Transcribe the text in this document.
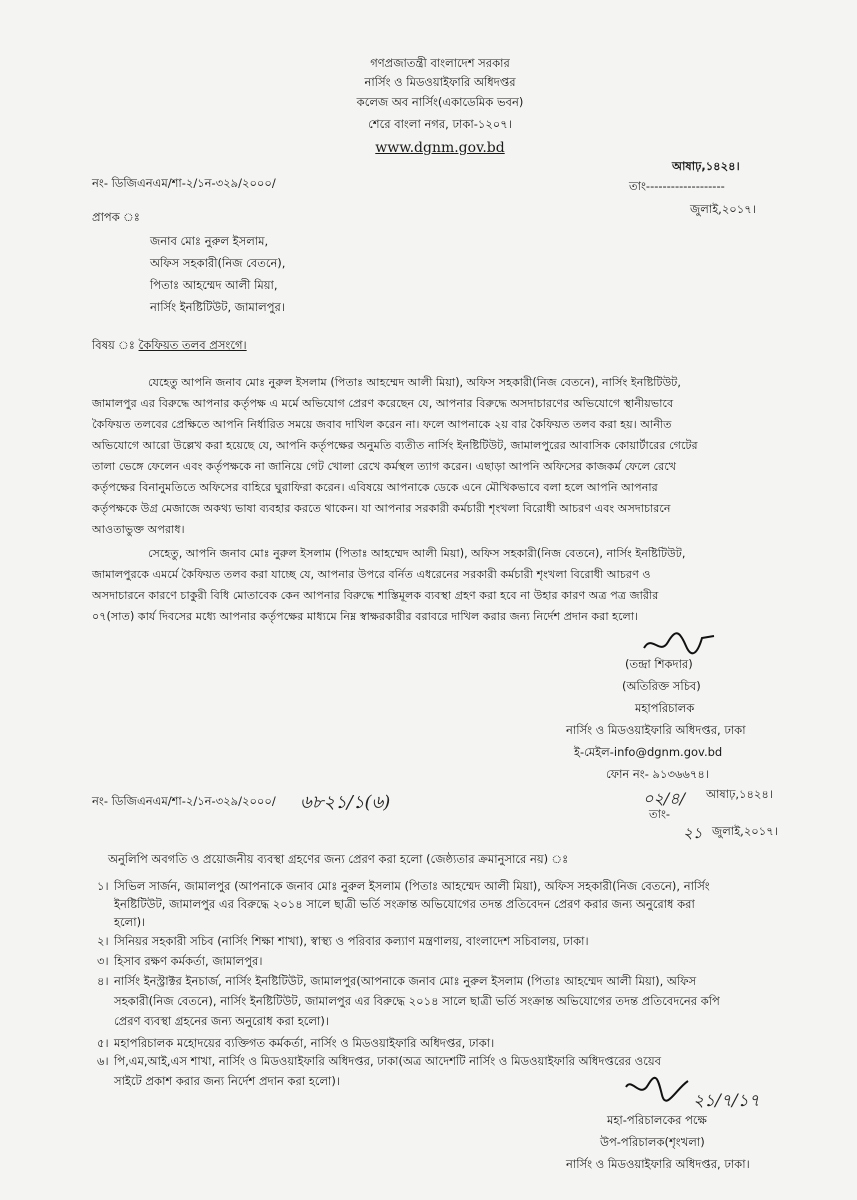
গণপ্রজাতন্ত্রী বাংলাদেশ সরকার
নার্সিং ও মিডওয়াইফারি অধিদপ্তর
কলেজ অব নার্সিং(একাডেমিক ভবন)
শেরে বাংলা নগর, ঢাকা-১২০৭।
www.dgnm.gov.bd
আষাঢ়,১৪২৪।
নং- ডিজিএনএম/শা-২/১ন-৩২৯/২০০০/	তাং-------------------
জুলাই,২০১৭।
প্রাপক ঃ
জনাব মোঃ নুরুল ইসলাম,
অফিস সহকারী(নিজ বেতনে),
পিতাঃ আহম্মেদ আলী মিয়া,
নার্সিং ইনষ্টিটিউট, জামালপুর।
বিষয় ঃ কৈফিয়ত তলব প্রসংগে।
যেহেতু আপনি জনাব মোঃ নুরুল ইসলাম (পিতাঃ আহম্মেদ আলী মিয়া), অফিস সহকারী(নিজ বেতনে), নার্সিং ইনষ্টিটিউট,
জামালপুর এর বিরুদ্ধে আপনার কর্তৃপক্ষ এ মর্মে অভিযোগ প্রেরণ করেছেন যে, আপনার বিরুদ্ধে অসদাচারণের অভিযোগে স্থানীয়ভাবে
কৈফিয়ত তলবের প্রেক্ষিতে আপনি নির্ধারিত সময়ে জবাব দাখিল করেন না। ফলে আপনাকে ২য় বার কৈফিয়ত তলব করা হয়। আনীত
অভিযোগে আরো উল্লেখ করা হয়েছে যে, আপনি কর্তৃপক্ষের অনুমতি ব্যতীত নার্সিং ইনষ্টিটিউট, জামালপুরের আবাসিক কোয়ার্টারের গেটের
তালা ভেঙ্গে ফেলেন এবং কর্তৃপক্ষকে না জানিয়ে গেট খোলা রেখে কর্মস্থল ত্যাগ করেন। এছাড়া আপনি অফিসের কাজকর্ম ফেলে রেখে
কর্তৃপক্ষের বিনানুমতিতে অফিসের বাহিরে ঘুরাফিরা করেন। এবিষয়ে আপনাকে ডেকে এনে মৌখিকভাবে বলা হলে আপনি আপনার
কর্তৃপক্ষকে উগ্র মেজাজে অকথ্য ভাষা ব্যবহার করতে থাকেন। যা আপনার সরকারী কর্মচারী শৃংখলা বিরোধী আচরণ এবং অসদাচারনে
আওতাভুক্ত অপরাধ।
সেহেতু, আপনি জনাব মোঃ নুরুল ইসলাম (পিতাঃ আহম্মেদ আলী মিয়া), অফিস সহকারী(নিজ বেতনে), নার্সিং ইনষ্টিটিউট,
জামালপুরকে এমর্মে কৈফিয়ত তলব করা যাচ্ছে যে, আপনার উপরে বর্নিত এধরেনের সরকারী কর্মচারী শৃংখলা বিরোধী আচরণ ও
অসদাচারনে কারণে চাকুরী বিধি মোতাবেক কেন আপনার বিরুদ্ধে শাস্তিমূলক ব্যবস্থা গ্রহণ করা হবে না উহার কারণ অত্র পত্র জারীর
০৭(সাত) কার্য দিবসের মধ্যে আপনার কর্তৃপক্ষের মাধ্যমে নিম্ন স্বাক্ষরকারীর বরাবরে দাখিল করার জন্য নির্দেশ প্রদান করা হলো।
(তন্দ্রা শিকদার)
(অতিরিক্ত সচিব)
মহাপরিচালক
নার্সিং ও মিডওয়াইফারি অধিদপ্তর, ঢাকা
ই-মেইল-info@dgnm.gov.bd
ফোন নং- ৯১৩৬৬৭৪।
নং- ডিজিএনএম/শা-২/১ন-৩২৯/২০০০/ ৬৮২১/১(৬)	০২/৪/ আষাঢ়,১৪২৪।
তাং-
২১ জুলাই,২০১৭।
অনুলিপি অবগতি ও প্রয়োজনীয় ব্যবস্থা গ্রহণের জন্য প্রেরণ করা হলো (জেষ্ঠ্যতার ক্রমানুসারে নয়) ঃ
১। সিভিল সার্জন, জামালপুর (আপনাকে জনাব মোঃ নুরুল ইসলাম (পিতাঃ আহম্মেদ আলী মিয়া), অফিস সহকারী(নিজ বেতনে), নার্সিং
ইনষ্টিটিউট, জামালপুর এর বিরুদ্ধে ২০১৪ সালে ছাত্রী ভর্তি সংক্রান্ত অভিযোগের তদন্ত প্রতিবেদন প্রেরণ করার জন্য অনুরোধ করা
হলো)।
২। সিনিয়র সহকারী সচিব (নার্সিং শিক্ষা শাখা), স্বাস্থ্য ও পরিবার কল্যাণ মন্ত্রণালয়, বাংলাদেশ সচিবালয়, ঢাকা।
৩। হিসাব রক্ষণ কর্মকর্তা, জামালপুর।
৪। নার্সিং ইনস্ট্রাক্টর ইনচার্জ, নার্সিং ইনষ্টিটিউট, জামালপুর(আপনাকে জনাব মোঃ নুরুল ইসলাম (পিতাঃ আহম্মেদ আলী মিয়া), অফিস
সহকারী(নিজ বেতনে), নার্সিং ইনষ্টিটিউট, জামালপুর এর বিরুদ্ধে ২০১৪ সালে ছাত্রী ভর্তি সংক্রান্ত অভিযোগের তদন্ত প্রতিবেদনের কপি
প্রেরণ ব্যবস্থা গ্রহনের জন্য অনুরোধ করা হলো)।
৫। মহাপরিচালক মহোদয়ের ব্যক্তিগত কর্মকর্তা, নার্সিং ও মিডওয়াইফারি অধিদপ্তর, ঢাকা।
৬। পি,এম,আই,এস শাখা, নার্সিং ও মিডওয়াইফারি অধিদপ্তর, ঢাকা(অত্র আদেশটি নার্সিং ও মিডওয়াইফারি অধিদপ্তরের ওয়েব
সাইটে প্রকাশ করার জন্য নির্দেশ প্রদান করা হলো)।
২১/৭/১৭
মহা-পরিচালকের পক্ষে
উপ-পরিচালক(শৃংখলা)
নার্সিং ও মিডওয়াইফারি অধিদপ্তর, ঢাকা।
